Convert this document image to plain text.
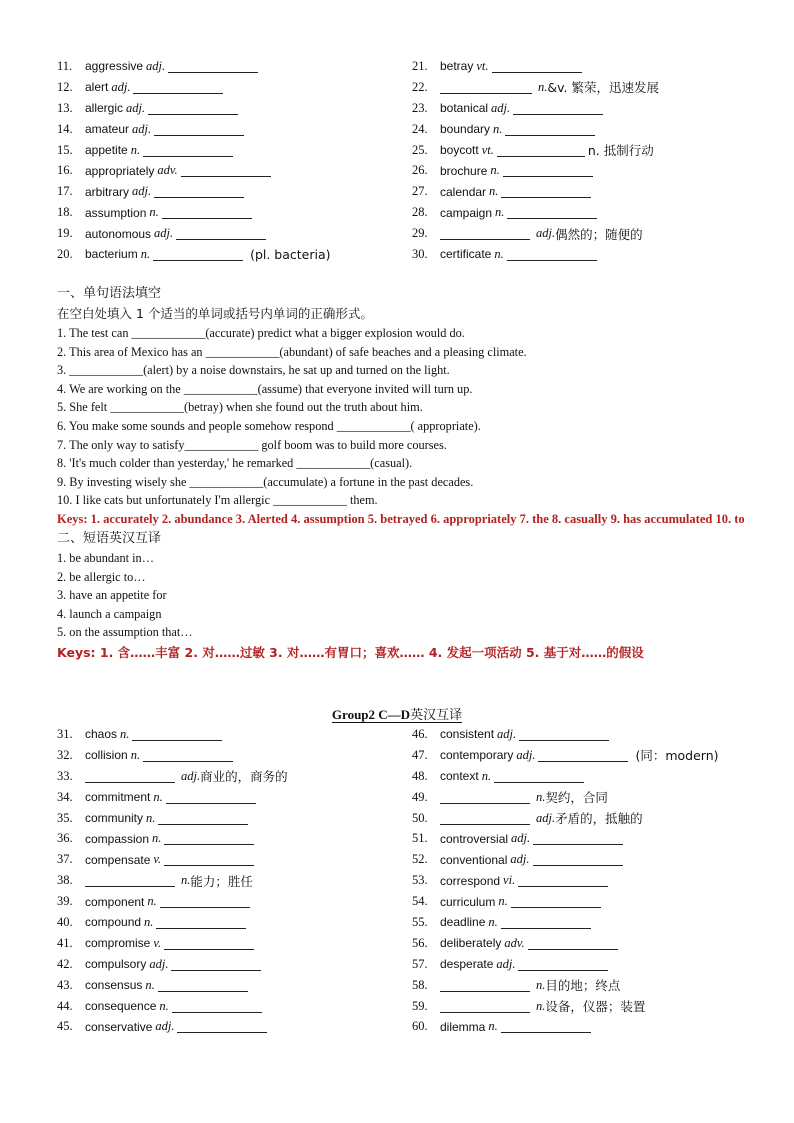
11.	aggressive adj.	21.	betray vt.
12.	alert adj.	22.	n. &v. 繁荣，迅速发展
13.	allergic adj.	23.	botanical adj.
14.	amateur adj.	24.	boundary n.
15.	appetite n.	25.	boycott vt.	n. 抵制行动
16.	appropriately adv.	26.	brochure n.
17.	arbitrary adj.	27.	calendar n.
18.	assumption n.	28.	campaign n.
19.	autonomous adj.	29.	adj. 偶然的；随便的
20.	bacterium n.	(pl. bacteria)	30.	certificate n.
一、单句语法填空
在空白处填入 1 个适当的单词或括号内单词的正确形式。
1. The test can ____________(accurate) predict what a bigger explosion would do.
2. This area of Mexico has an ____________(abundant) of safe beaches and a pleasing climate.
3. ____________(alert) by a noise downstairs, he sat up and turned on the light.
4. We are working on the ____________(assume) that everyone invited will turn up.
5. She felt ____________(betray) when she found out the truth about him.
6. You make some sounds and people somehow respond ____________( appropriate).
7. The only way to satisfy____________ golf boom was to build more courses.
8. 'It's much colder than yesterday,' he remarked ____________(casual).
9. By investing wisely she ____________(accumulate) a fortune in the past decades.
10. I like cats but unfortunately I'm allergic ____________ them.
Keys: 1. accurately 2. abundance 3. Alerted 4. assumption 5. betrayed 6. appropriately 7. the 8. casually 9. has accumulated 10. to
二、短语英汉互译
1. be abundant in…
2. be allergic to…
3. have an appetite for
4. launch a campaign
5. on the assumption that…
Keys: 1. 含……丰富 2. 对……过敏 3. 对……有胃口；喜欢…… 4. 发起一项活动 5. 基于对……的假设
Group2 C—D英汉互译
31.	chaos n.	46.	consistent adj.
32.	collision n.	47.	contemporary adj.	(同：modern)
33.	adj. 商业的，商务的	48.	context n.
34.	commitment n.	49.	n. 契约，合同
35.	community n.	50.	adj. 矛盾的，抵触的
36.	compassion n.	51.	controversial adj.
37.	compensate v.	52.	conventional adj.
38.	n. 能力；胜任	53.	correspond vi.
39.	component n.	54.	curriculum n.
40.	compound n.	55.	deadline n.
41.	compromise v.	56.	deliberately adv.
42.	compulsory adj.	57.	desperate adj.
43.	consensus n.	58.	n. 目的地；终点
44.	consequence n.	59.	n. 设备，仪器；装置
45.	conservative adj.	60.	dilemma n.
